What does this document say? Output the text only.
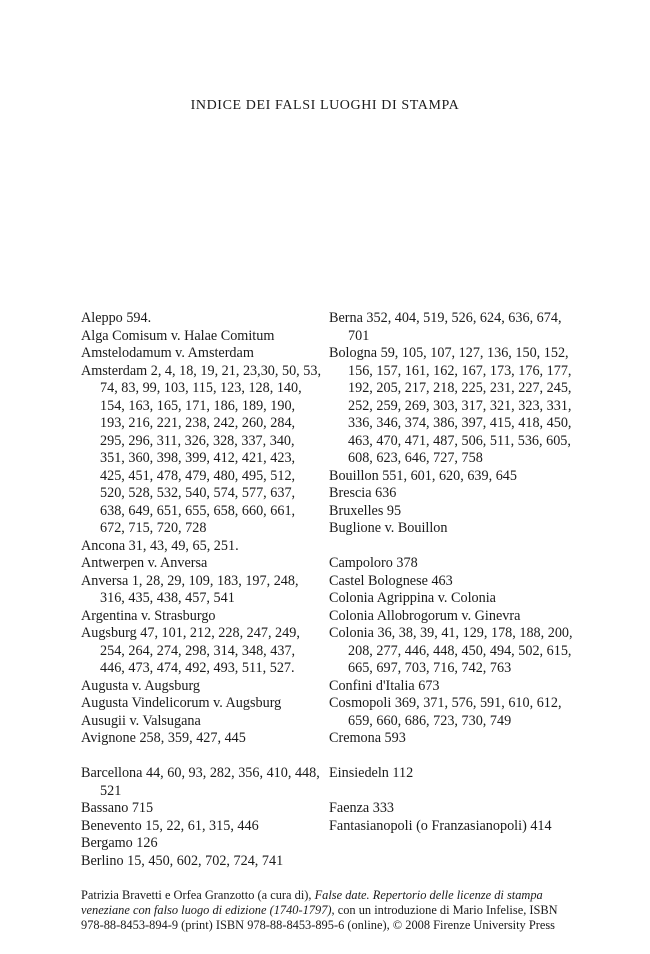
INDICE DEI FALSI LUOGHI DI STAMPA

Aleppo 594.

Alga Comisum v. Halae Comitum

Amstelodamum v. Amsterdam

Amsterdam 2, 4, 18, 19, 21, 23,30, 50, 53, 74, 83, 99, 103, 115, 123, 128, 140, 154, 163, 165, 171, 186, 189, 190, 193, 216, 221, 238, 242, 260, 284, 295, 296, 311, 326, 328, 337, 340, 351, 360, 398, 399, 412, 421, 423, 425, 451, 478, 479, 480, 495, 512, 520, 528, 532, 540, 574, 577, 637, 638, 649, 651, 655, 658, 660, 661, 672, 715, 720, 728

Ancona 31, 43, 49, 65, 251.

Antwerpen v. Anversa

Anversa 1, 28, 29, 109, 183, 197, 248, 316, 435, 438, 457, 541

Argentina v. Strasburgo

Augsburg 47, 101, 212, 228, 247, 249, 254, 264, 274, 298, 314, 348, 437, 446, 473, 474, 492, 493, 511, 527.

Augusta v. Augsburg

Augusta Vindelicorum v. Augsburg

Ausugii v. Valsugana

Avignone 258, 359, 427, 445

Barcellona 44, 60, 93, 282, 356, 410, 448, 521

Bassano 715

Benevento 15, 22, 61, 315, 446

Bergamo 126

Berlino 15, 450, 602, 702, 724, 741

Berna 352, 404, 519, 526, 624, 636, 674, 701

Bologna 59, 105, 107, 127, 136, 150, 152, 156, 157, 161, 162, 167, 173, 176, 177, 192, 205, 217, 218, 225, 231, 227, 245, 252, 259, 269, 303, 317, 321, 323, 331, 336, 346, 374, 386, 397, 415, 418, 450, 463, 470, 471, 487, 506, 511, 536, 605, 608, 623, 646, 727, 758

Bouillon 551, 601, 620, 639, 645

Brescia 636

Bruxelles 95

Buglione v. Bouillon

Campoloro 378

Castel Bolognese 463

Colonia Agrippina v. Colonia

Colonia Allobrogorum v. Ginevra

Colonia 36, 38, 39, 41, 129, 178, 188, 200, 208, 277, 446, 448, 450, 494, 502, 615, 665, 697, 703, 716, 742, 763

Confini d'Italia 673

Cosmopoli 369, 371, 576, 591, 610, 612, 659, 660, 686, 723, 730, 749

Cremona 593

Einsiedeln 112

Faenza 333

Fantasianopoli (o Franzasianopoli) 414

Patrizia Bravetti e Orfea Granzotto (a cura di), False date. Repertorio delle licenze di stampa veneziane con falso luogo di edizione (1740-1797), con un introduzione di Mario Infelise, ISBN 978-88-8453-894-9 (print) ISBN 978-88-8453-895-6 (online), © 2008 Firenze University Press
